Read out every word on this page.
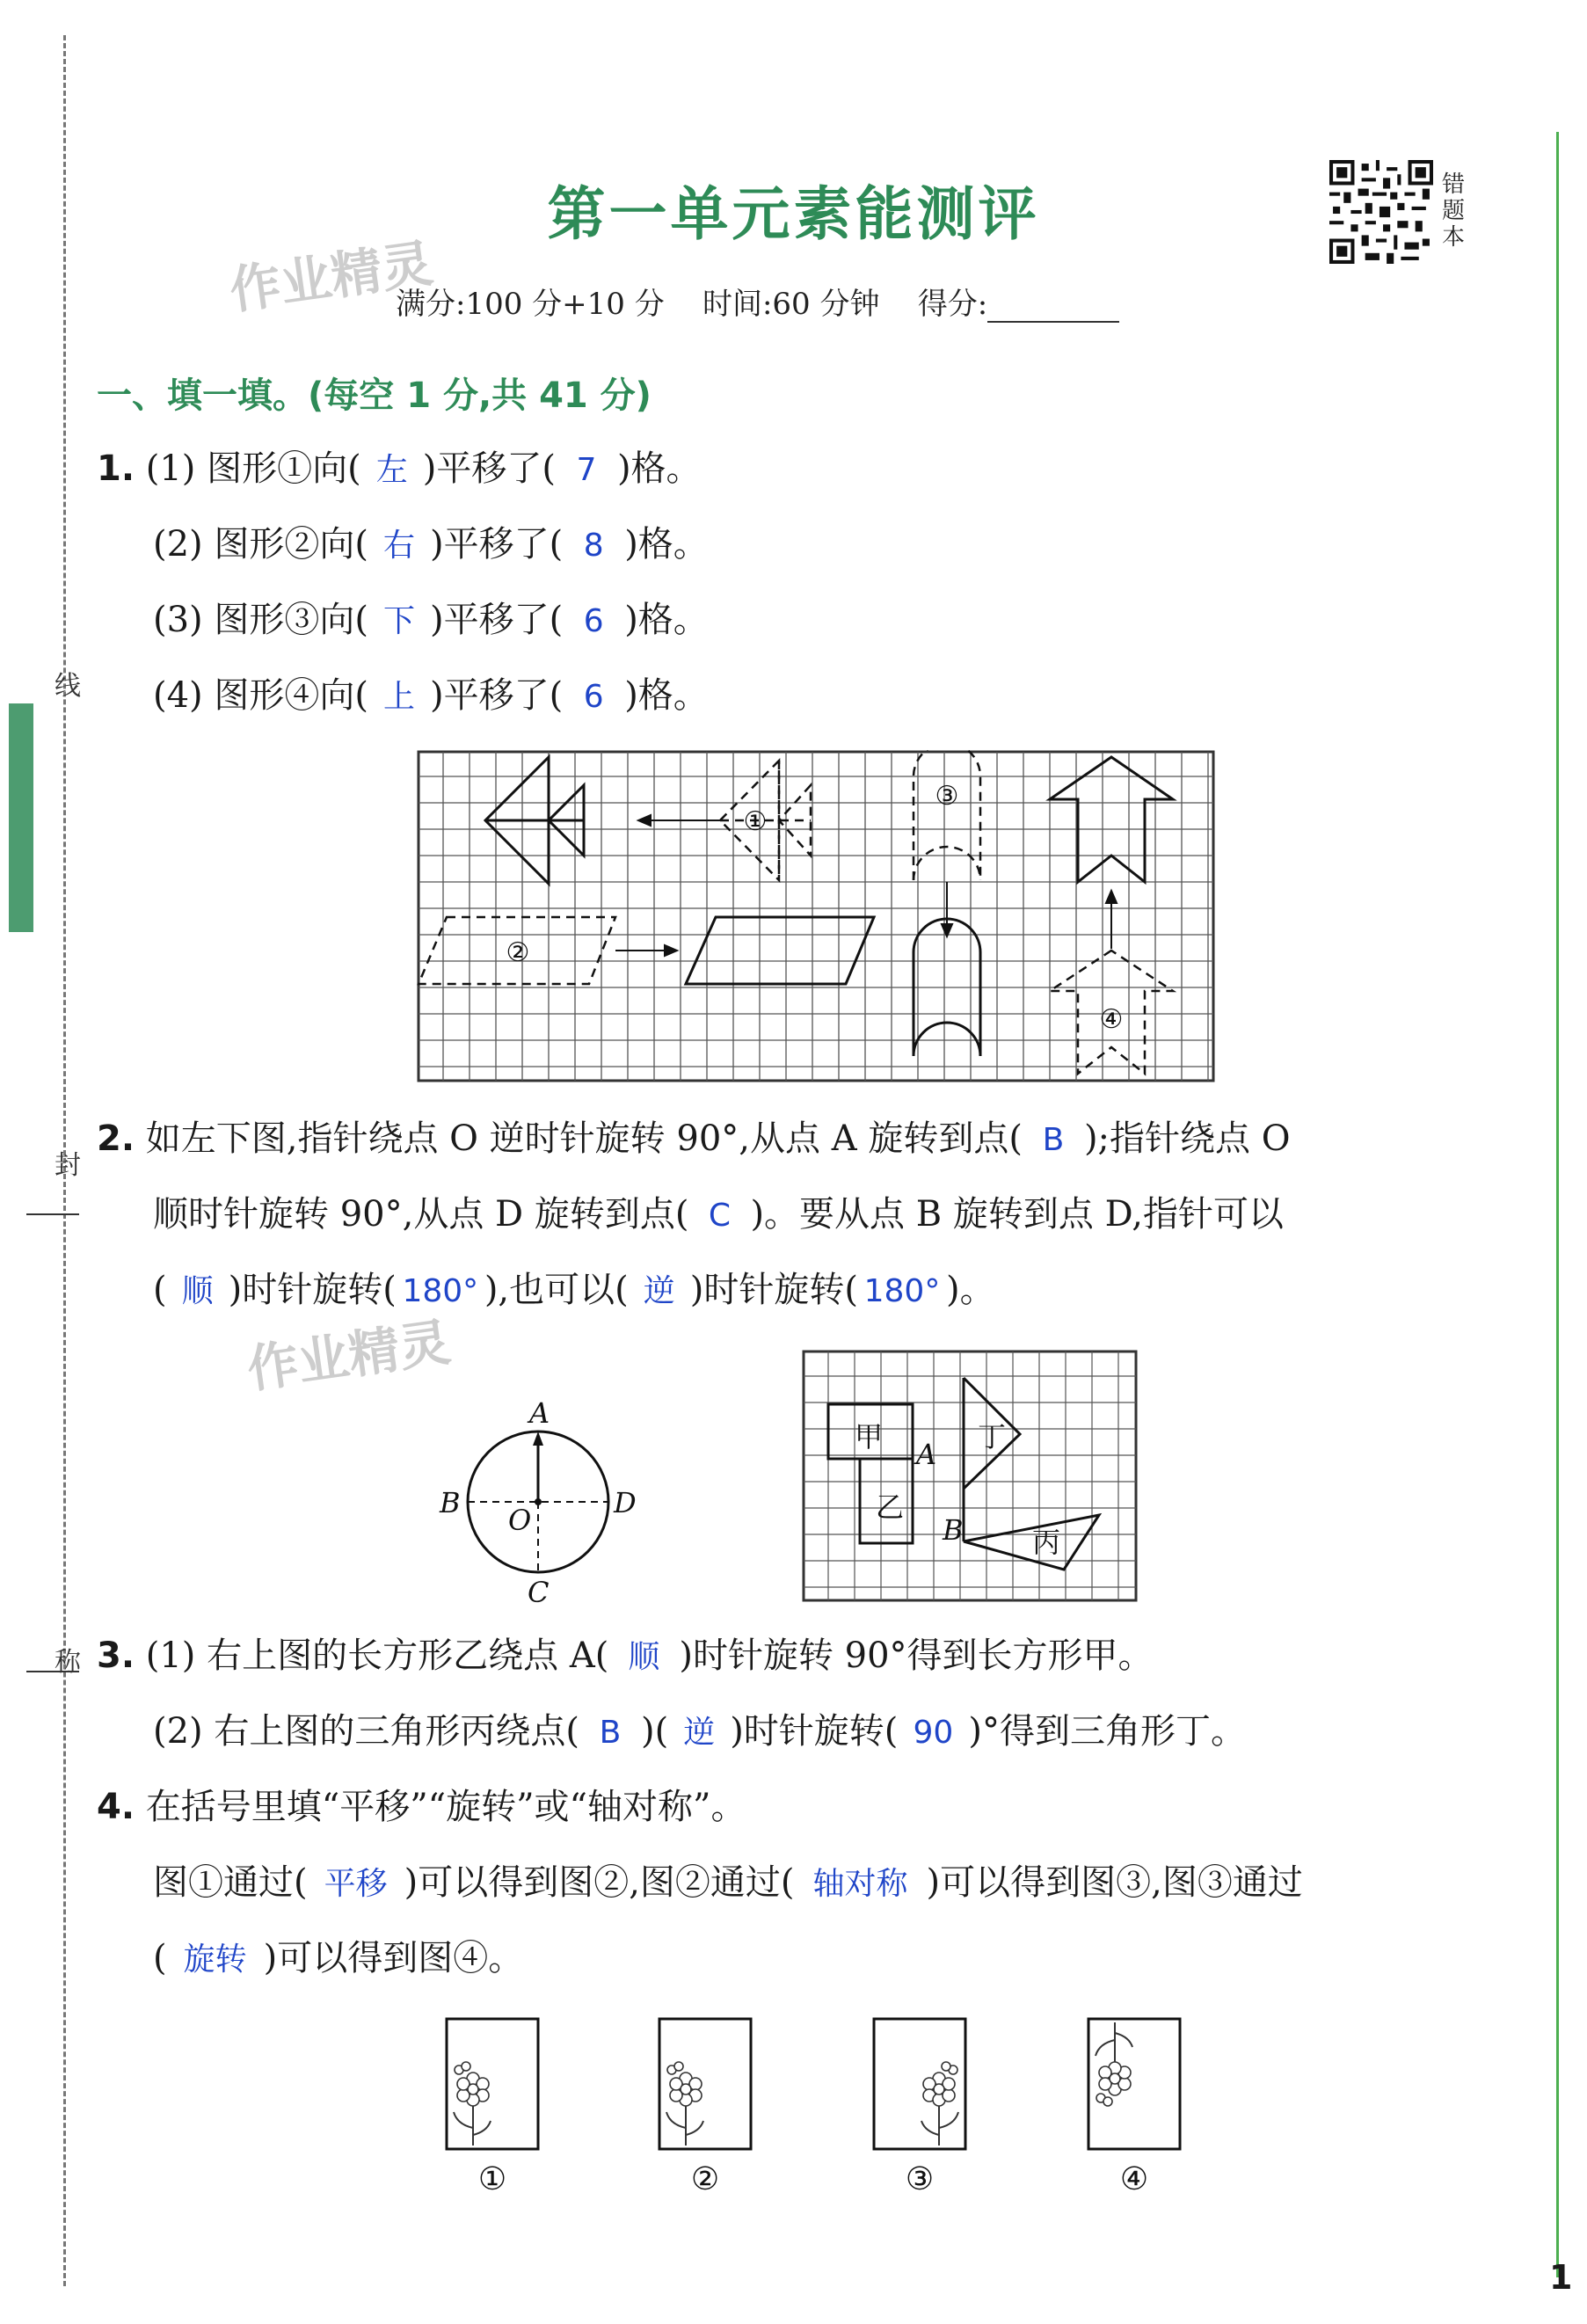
线
封
称
第一单元素能测评
作业精灵
作业精灵
错题本
满分:100 分+10 分 时间:60 分钟 得分:
一、填一填。(每空 1 分,共 41 分)
1. (1) 图形①向( 左 )平移了( 7 )格。
(2) 图形②向( 右 )平移了( 8 )格。
(3) 图形③向( 下 )平移了( 6 )格。
(4) 图形④向( 上 )平移了( 6 )格。
①
②
③
④
2. 如左下图,指针绕点 O 逆时针旋转 90°,从点 A 旋转到点( B );指针绕点 O
顺时针旋转 90°,从点 D 旋转到点( C )。要从点 B 旋转到点 D,指针可以
( 顺 )时针旋转( 180° ),也可以( 逆 )时针旋转( 180° )。
A
B
C
D
O
甲
乙
丙
丁
A
B
3. (1) 右上图的长方形乙绕点 A( 顺 )时针旋转 90°得到长方形甲。
(2) 右上图的三角形丙绕点( B )( 逆 )时针旋转( 90 )°得到三角形丁。
4. 在括号里填“平移”“旋转”或“轴对称”。
图①通过( 平移 )可以得到图②,图②通过( 轴对称 )可以得到图③,图③通过
( 旋转 )可以得到图④。
①	②	③	④
1
